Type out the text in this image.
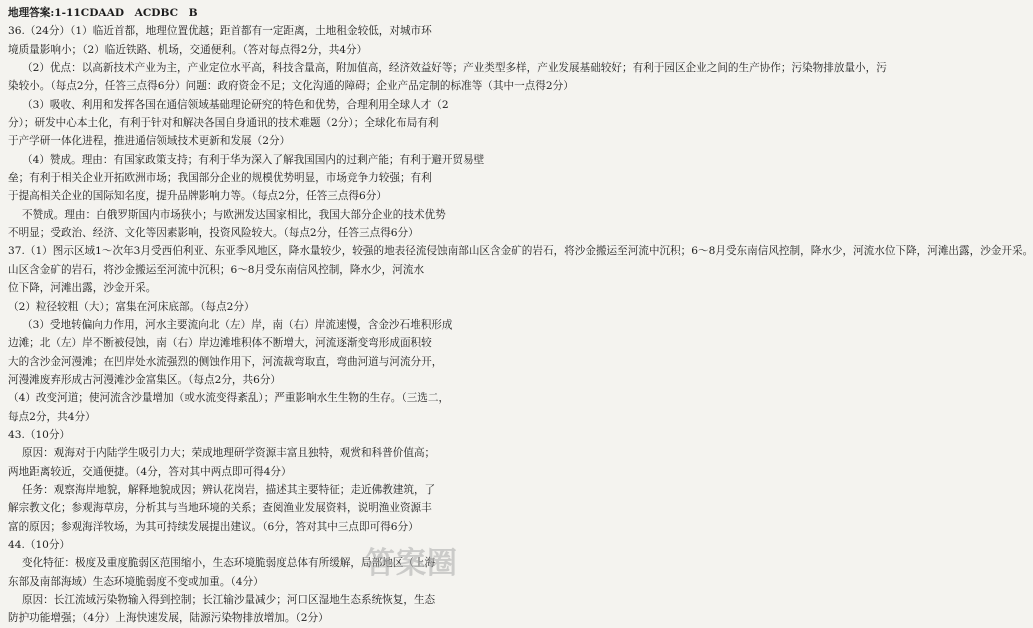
地理答案:1-11CDAAD　ACDBC　B
36.（24分）（1）临近首都，地理位置优越；距首都有一定距离，土地租金较低，对城市环
境质量影响小；（2）临近铁路、机场，交通便利。（答对每点得2分，共4分）
（2）优点：以高新技术产业为主，产业定位水平高，科技含量高，附加值高，经济效益好等；产业类型多样，产业发展基础较好；有利于园区企业之间的生产协作；污染物排放量小，污
染较小。（每点2分，任答三点得6分）问题：政府资金不足；文化沟通的障碍；企业产品定制的标准等（其中一点得2分）
（3）吸收、利用和发挥各国在通信领域基础理论研究的特色和优势，合理利用全球人才（2
分）；研发中心本土化，有利于针对和解决各国自身通讯的技术难题（2分）；全球化布局有利
于产学研一体化进程，推进通信领域技术更新和发展（2分）
（4）赞成。理由：有国家政策支持；有利于华为深入了解我国国内的过剩产能；有利于避开贸易壁
垒；有利于相关企业开拓欧洲市场；我国部分企业的规模优势明显，市场竞争力较强；有利
于提高相关企业的国际知名度，提升品牌影响力等。（每点2分，任答三点得6分）
不赞成。理由：白俄罗斯国内市场狭小；与欧洲发达国家相比，我国大部分企业的技术优势
不明显；受政治、经济、文化等因素影响，投资风险较大。（每点2分，任答三点得6分）
37.（1）图示区域1～次年3月受西伯利亚、东亚季风地区，降水量较少，较强的地表径流侵蚀南部山区含金矿的岩石，将沙金搬运至河流中沉积；6～8月受东南信风控制，降水少，河流水位下降，河滩出露，沙金开采。
山区含金矿的岩石，将沙金搬运至河流中沉积；6～8月受东南信风控制，降水少，河流水
位下降，河滩出露，沙金开采。
（2）粒径较粗（大）；富集在河床底部。（每点2分）
（3）受地转偏向力作用，河水主要流向北（左）岸，南（右）岸流速慢，含金沙石堆积形成
边滩；北（左）岸不断被侵蚀，南（右）岸边滩堆积体不断增大，河流逐渐变弯形成面积较
大的含沙金河漫滩；在凹岸处水流强烈的侧蚀作用下，河流裁弯取直，弯曲河道与河流分开，
河漫滩废弃形成古河漫滩沙金富集区。（每点2分，共6分）
（4）改变河道；使河流含沙量增加（或水流变得紊乱）；严重影响水生生物的生存。（三选二，
每点2分，共4分）
43.（10分）
原因：观海对于内陆学生吸引力大；荣成地理研学资源丰富且独特，观赏和科普价值高；
两地距离较近，交通便捷。（4分，答对其中两点即可得4分）
任务：观察海岸地貌，解释地貌成因；辨认花岗岩，描述其主要特征；走近佛教建筑，了
解宗教文化；参观海草房，分析其与当地环境的关系；查阅渔业发展资料，说明渔业资源丰
富的原因；参观海洋牧场，为其可持续发展提出建议。（6分，答对其中三点即可得6分）
44.（10分）
变化特征：极度及重度脆弱区范围缩小，生态环境脆弱度总体有所缓解，局部地区（上海
东部及南部海域）生态环境脆弱度不变或加重。（4分）
原因：长江流域污染物输入得到控制；长江输沙量减少；河口区湿地生态系统恢复，生态
防护功能增强；（4分）上海快速发展，陆源污染物排放增加。（2分）
答案圈
